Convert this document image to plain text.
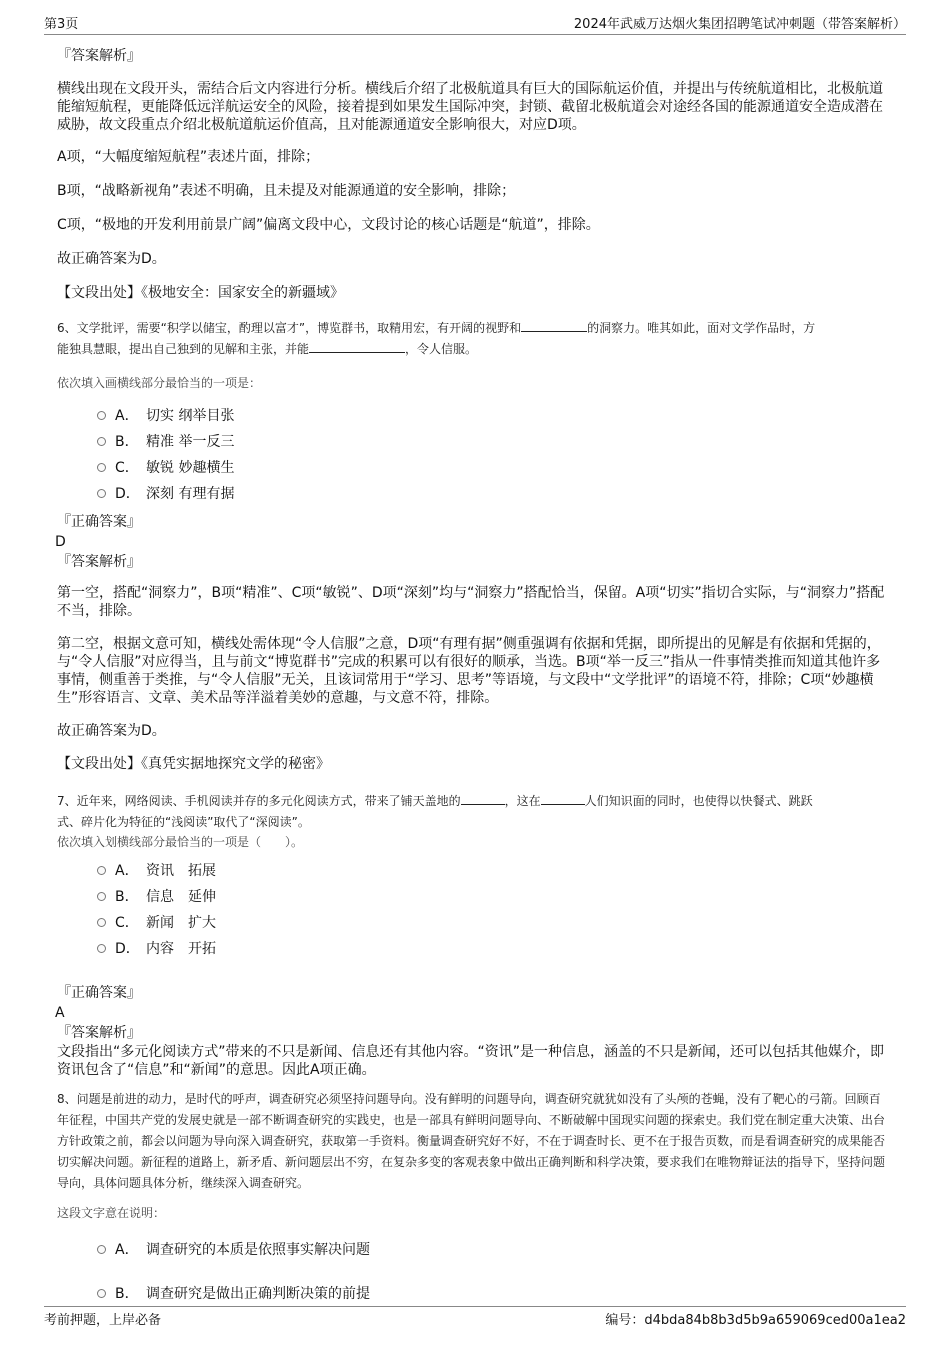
第3页	2024年武威万达烟火集团招聘笔试冲刺题（带答案解析）

『答案解析』

横线出现在文段开头，需结合后文内容进行分析。横线后介绍了北极航道具有巨大的国际航运价值，并提出与传统航道相比，北极航道能缩短航程，更能降低远洋航运安全的风险，接着提到如果发生国际冲突，封锁、截留北极航道会对途经各国的能源通道安全造成潜在威胁，故文段重点介绍北极航道航运价值高，且对能源通道安全影响很大，对应D项。

A项，“大幅度缩短航程”表述片面，排除；

B项，“战略新视角”表述不明确，且未提及对能源通道的安全影响，排除；

C项，“极地的开发利用前景广阔”偏离文段中心，文段讨论的核心话题是“航道”，排除。

故正确答案为D。

【文段出处】《极地安全：国家安全的新疆域》

6、文学批评，需要“积学以储宝，酌理以富才”，博览群书，取精用宏，有开阔的视野和	的洞察力。唯其如此，面对文学作品时，方
能独具慧眼，提出自己独到的见解和主张，并能	，令人信服。

依次填入画横线部分最恰当的一项是：

A． 切实 纲举目张
B． 精准 举一反三
C． 敏锐 妙趣横生
D． 深刻 有理有据

『正确答案』

D

『答案解析』

第一空，搭配“洞察力”，B项“精准”、C项“敏锐”、D项“深刻”均与“洞察力”搭配恰当，保留。A项“切实”指切合实际，与“洞察力”搭配不当，排除。

第二空，根据文意可知，横线处需体现“令人信服”之意，D项“有理有据”侧重强调有依据和凭据，即所提出的见解是有依据和凭据的，与“令人信服”对应得当，且与前文“博览群书”完成的积累可以有很好的顺承，当选。B项“举一反三”指从一件事情类推而知道其他许多事情，侧重善于类推，与“令人信服”无关，且该词常用于“学习、思考”等语境，与文段中“文学批评”的语境不符，排除；C项“妙趣横生”形容语言、文章、美术品等洋溢着美妙的意趣，与文意不符，排除。

故正确答案为D。

【文段出处】《真凭实据地探究文学的秘密》

7、近年来，网络阅读、手机阅读并存的多元化阅读方式，带来了铺天盖地的	，这在	人们知识面的同时，也使得以快餐式、跳跃
式、碎片化为特征的“浅阅读”取代了“深阅读”。

依次填入划横线部分最恰当的一项是（　　）。

A． 资讯　拓展
B． 信息　延伸
C． 新闻　扩大
D． 内容　开拓

『正确答案』

A

『答案解析』

文段指出“多元化阅读方式”带来的不只是新闻、信息还有其他内容。“资讯”是一种信息，涵盖的不只是新闻，还可以包括其他媒介，即资讯包含了“信息”和“新闻”的意思。因此A项正确。

8、问题是前进的动力，是时代的呼声，调查研究必须坚持问题导向。没有鲜明的问题导向，调查研究就犹如没有了头颅的苍蝇，没有了靶心的弓箭。回顾百年征程，中国共产党的发展史就是一部不断调查研究的实践史，也是一部具有鲜明问题导向、不断破解中国现实问题的探索史。我们党在制定重大决策、出台方针政策之前，都会以问题为导向深入调查研究，获取第一手资料。衡量调查研究好不好，不在于调查时长、更不在于报告页数，而是看调查研究的成果能否切实解决问题。新征程的道路上，新矛盾、新问题层出不穷，在复杂多变的客观表象中做出正确判断和科学决策，要求我们在唯物辩证法的指导下，坚持问题导向，具体问题具体分析，继续深入调查研究。

这段文字意在说明：

A． 调查研究的本质是依照事实解决问题
B． 调查研究是做出正确判断决策的前提
考前押题，上岸必备	编号：d4bda84b8b3d5b9a659069ced00a1ea2
